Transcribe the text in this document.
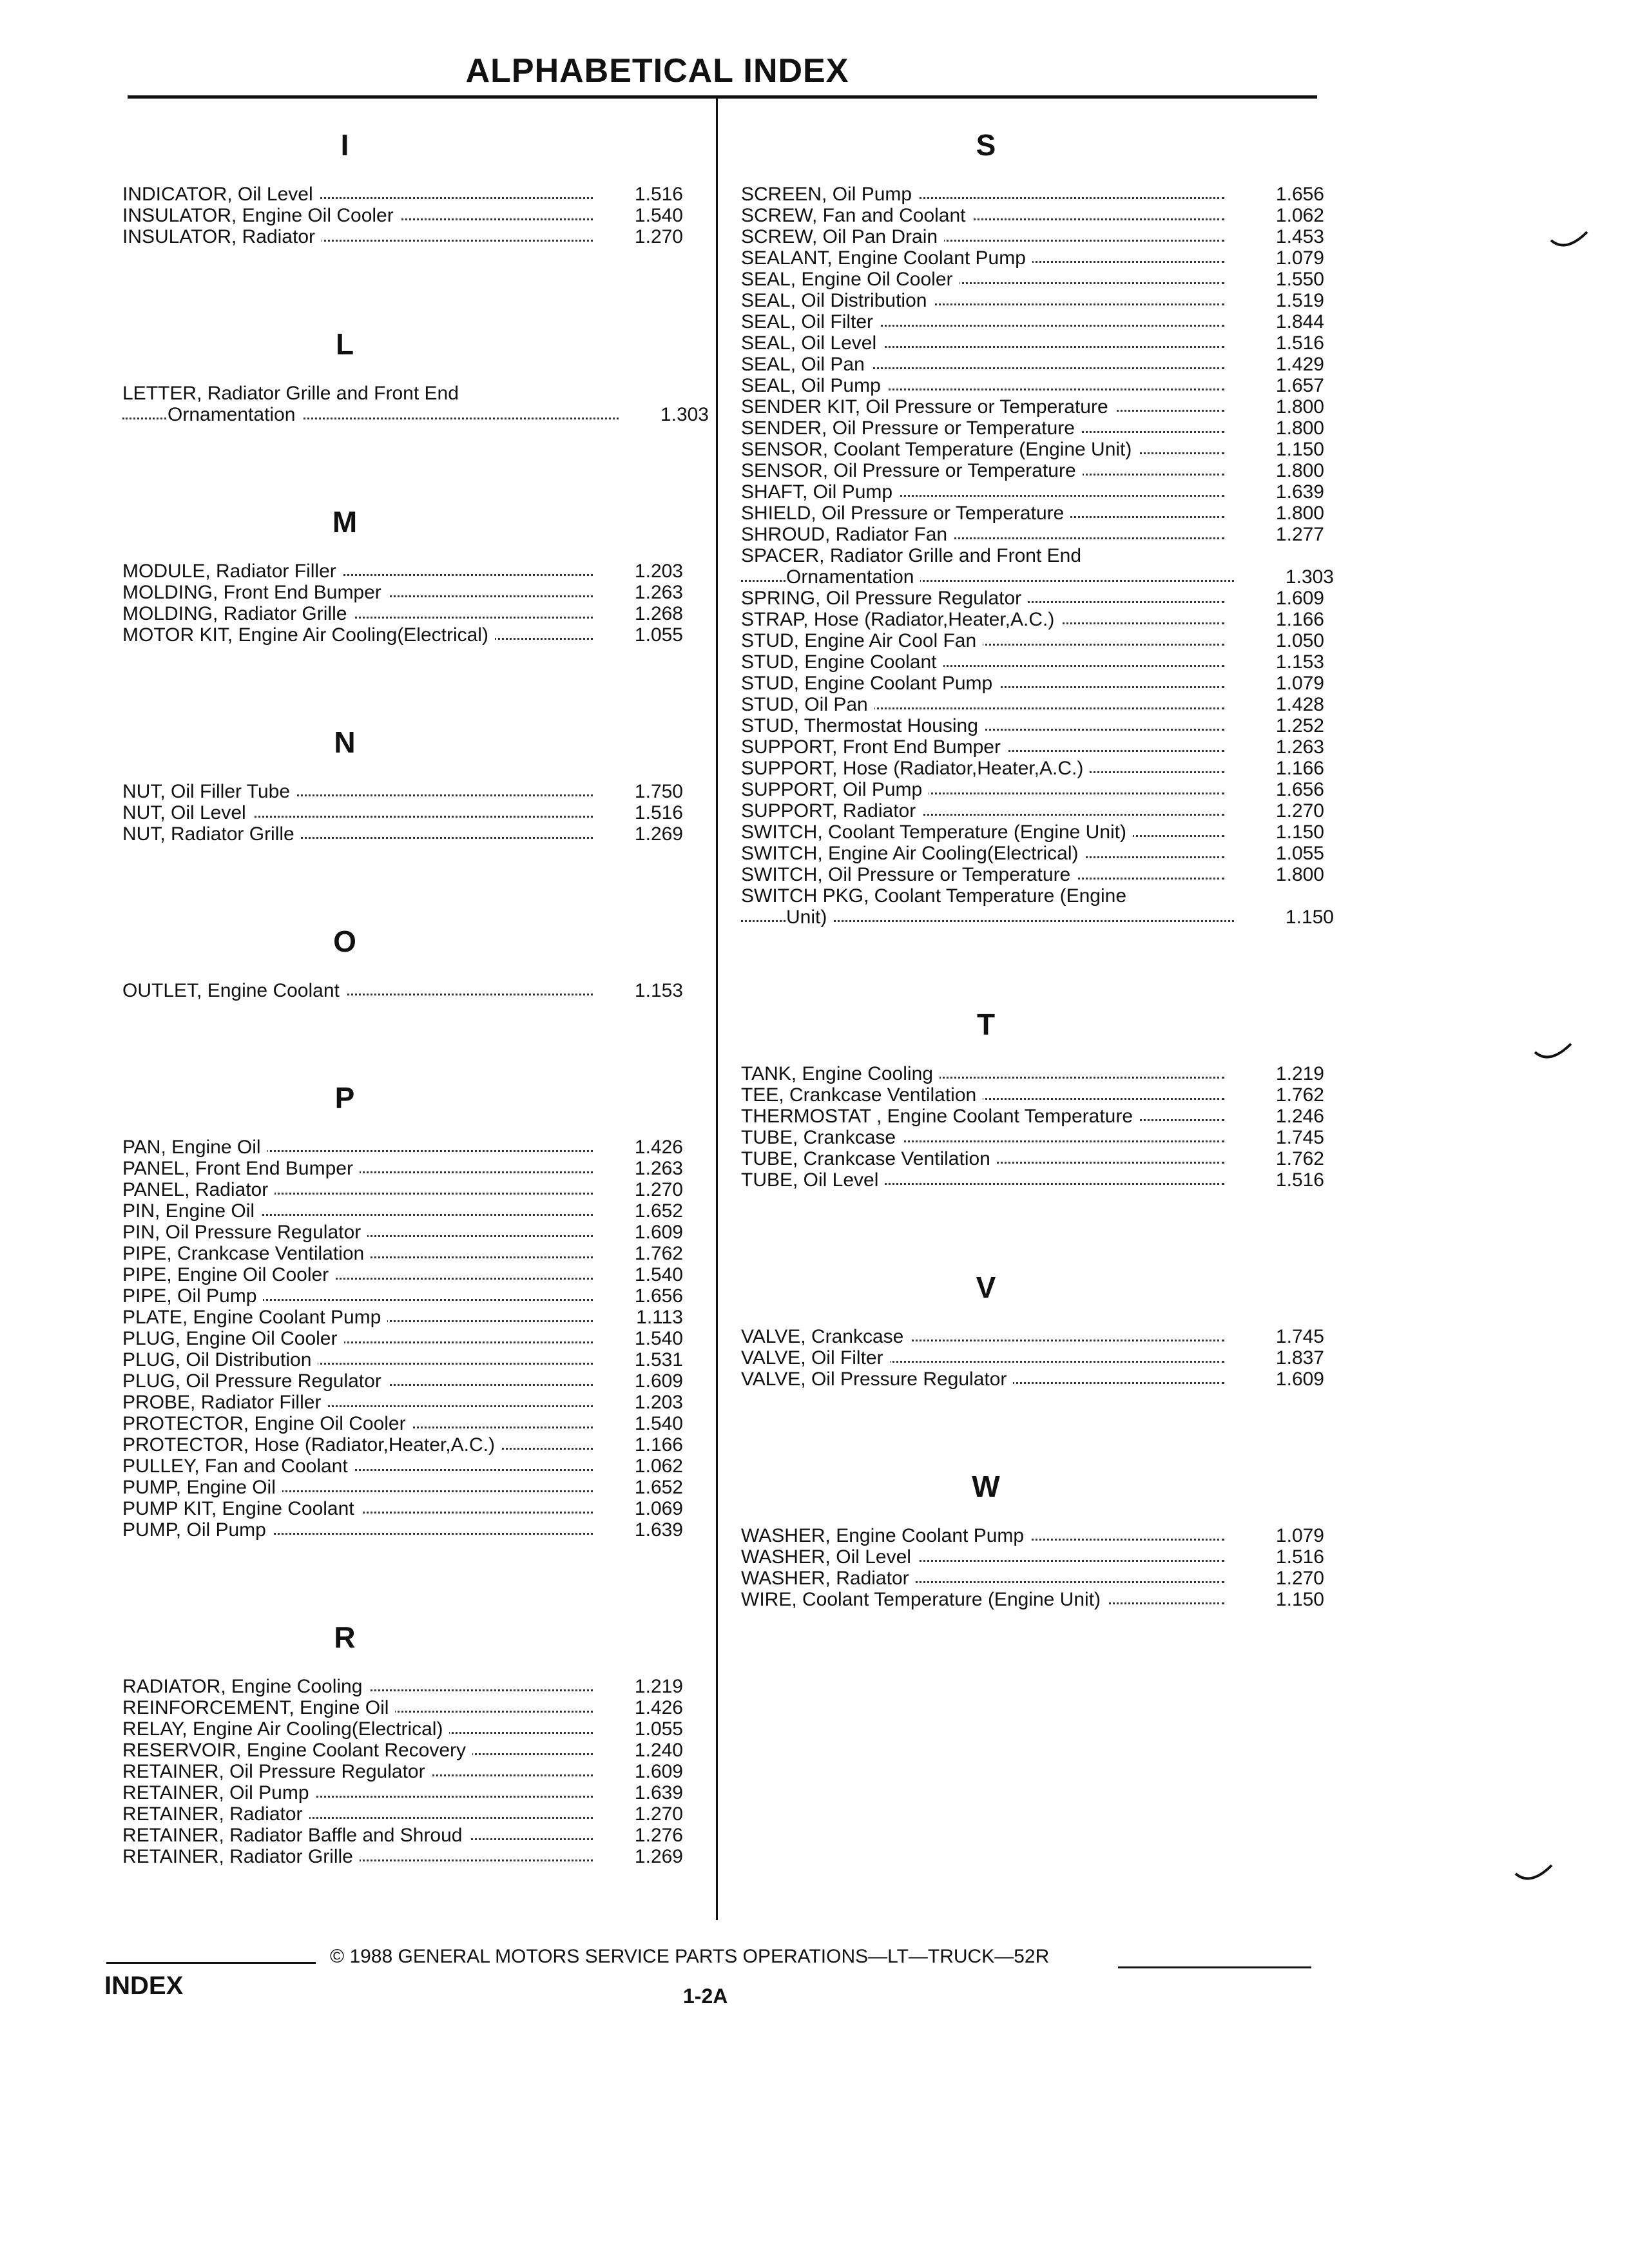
ALPHABETICAL INDEX
I
INDICATOR, Oil Level	1.516
INSULATOR, Engine Oil Cooler	1.540
INSULATOR, Radiator	1.270
L
LETTER, Radiator Grille and Front End
Ornamentation	1.303
M
MODULE, Radiator Filler	1.203
MOLDING, Front End Bumper	1.263
MOLDING, Radiator Grille	1.268
MOTOR KIT, Engine Air Cooling(Electrical)	1.055
N
NUT, Oil Filler Tube	1.750
NUT, Oil Level	1.516
NUT, Radiator Grille	1.269
O
OUTLET, Engine Coolant	1.153
P
PAN, Engine Oil	1.426
PANEL, Front End Bumper	1.263
PANEL, Radiator	1.270
PIN, Engine Oil	1.652
PIN, Oil Pressure Regulator	1.609
PIPE, Crankcase Ventilation	1.762
PIPE, Engine Oil Cooler	1.540
PIPE, Oil Pump	1.656
PLATE, Engine Coolant Pump	1.113
PLUG, Engine Oil Cooler	1.540
PLUG, Oil Distribution	1.531
PLUG, Oil Pressure Regulator	1.609
PROBE, Radiator Filler	1.203
PROTECTOR, Engine Oil Cooler	1.540
PROTECTOR, Hose (Radiator,Heater,A.C.)	1.166
PULLEY, Fan and Coolant	1.062
PUMP, Engine Oil	1.652
PUMP KIT, Engine Coolant	1.069
PUMP, Oil Pump	1.639
R
RADIATOR, Engine Cooling	1.219
REINFORCEMENT, Engine Oil	1.426
RELAY, Engine Air Cooling(Electrical)	1.055
RESERVOIR, Engine Coolant Recovery	1.240
RETAINER, Oil Pressure Regulator	1.609
RETAINER, Oil Pump	1.639
RETAINER, Radiator	1.270
RETAINER, Radiator Baffle and Shroud	1.276
RETAINER, Radiator Grille	1.269
S
SCREEN, Oil Pump	1.656
SCREW, Fan and Coolant	1.062
SCREW, Oil Pan Drain	1.453
SEALANT, Engine Coolant Pump	1.079
SEAL, Engine Oil Cooler	1.550
SEAL, Oil Distribution	1.519
SEAL, Oil Filter	1.844
SEAL, Oil Level	1.516
SEAL, Oil Pan	1.429
SEAL, Oil Pump	1.657
SENDER KIT, Oil Pressure or Temperature	1.800
SENDER, Oil Pressure or Temperature	1.800
SENSOR, Coolant Temperature (Engine Unit)	1.150
SENSOR, Oil Pressure or Temperature	1.800
SHAFT, Oil Pump	1.639
SHIELD, Oil Pressure or Temperature	1.800
SHROUD, Radiator Fan	1.277
SPACER, Radiator Grille and Front End
Ornamentation	1.303
SPRING, Oil Pressure Regulator	1.609
STRAP, Hose (Radiator,Heater,A.C.)	1.166
STUD, Engine Air Cool Fan	1.050
STUD, Engine Coolant	1.153
STUD, Engine Coolant Pump	1.079
STUD, Oil Pan	1.428
STUD, Thermostat Housing	1.252
SUPPORT, Front End Bumper	1.263
SUPPORT, Hose (Radiator,Heater,A.C.)	1.166
SUPPORT, Oil Pump	1.656
SUPPORT, Radiator	1.270
SWITCH, Coolant Temperature (Engine Unit)	1.150
SWITCH, Engine Air Cooling(Electrical)	1.055
SWITCH, Oil Pressure or Temperature	1.800
SWITCH PKG, Coolant Temperature (Engine
Unit)	1.150
T
TANK, Engine Cooling	1.219
TEE, Crankcase Ventilation	1.762
THERMOSTAT , Engine Coolant Temperature	1.246
TUBE, Crankcase	1.745
TUBE, Crankcase Ventilation	1.762
TUBE, Oil Level	1.516
V
VALVE, Crankcase	1.745
VALVE, Oil Filter	1.837
VALVE, Oil Pressure Regulator	1.609
W
WASHER, Engine Coolant Pump	1.079
WASHER, Oil Level	1.516
WASHER, Radiator	1.270
WIRE, Coolant Temperature (Engine Unit)	1.150
© 1988 GENERAL MOTORS SERVICE PARTS OPERATIONS—LT—TRUCK—52R
INDEX	1-2A
